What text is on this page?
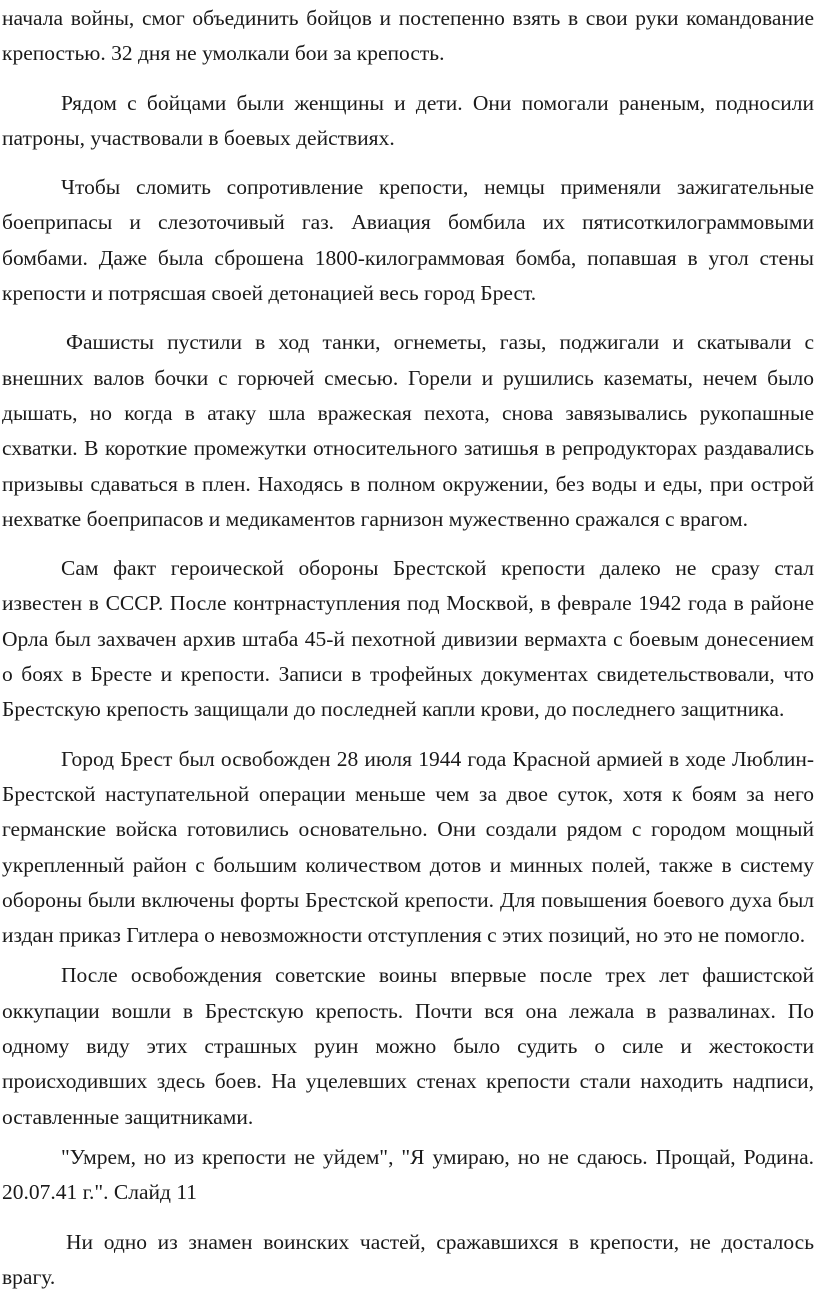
начала войны, смог объединить бойцов и постепенно взять в свои руки командование крепостью. 32 дня не умолкали бои за крепость.

Рядом с бойцами были женщины и дети. Они помогали раненым, подносили патроны, участвовали в боевых действиях.

Чтобы сломить сопротивление крепости, немцы применяли зажигательные боеприпасы и слезоточивый газ. Авиация бомбила их пятисоткилограммовыми бомбами. Даже была сброшена 1800-килограммовая бомба, попавшая в угол стены крепости и потрясшая своей детонацией весь город Брест.

Фашисты пустили в ход танки, огнеметы, газы, поджигали и скатывали с внешних валов бочки с горючей смесью. Горели и рушились казематы, нечем было дышать, но когда в атаку шла вражеская пехота, снова завязывались рукопашные схватки. В короткие промежутки относительного затишья в репродукторах раздавались призывы сдаваться в плен. Находясь в полном окружении, без воды и еды, при острой нехватке боеприпасов и медикаментов гарнизон мужественно сражался с врагом.

Сам факт героической обороны Брестской крепости далеко не сразу стал известен в СССР. После контрнаступления под Москвой, в феврале 1942 года в районе Орла был захвачен архив штаба 45-й пехотной дивизии вермахта с боевым донесением о боях в Бресте и крепости. Записи в трофейных документах свидетельствовали, что Брестскую крепость защищали до последней капли крови, до последнего защитника.

Город Брест был освобожден 28 июля 1944 года Красной армией в ходе Люблин-Брестской наступательной операции меньше чем за двое суток, хотя к боям за него германские войска готовились основательно. Они создали рядом с городом мощный укрепленный район с большим количеством дотов и минных полей, также в систему обороны были включены форты Брестской крепости. Для повышения боевого духа был издан приказ Гитлера о невозможности отступления с этих позиций, но это не помогло.

После освобождения советские воины впервые после трех лет фашистской оккупации вошли в Брестскую крепость. Почти вся она лежала в развалинах. По одному виду этих страшных руин можно было судить о силе и жестокости происходивших здесь боев. На уцелевших стенах крепости стали находить надписи, оставленные защитниками.

"Умрем, но из крепости не уйдем", "Я умираю, но не сдаюсь. Прощай, Родина. 20.07.41 г.". Слайд 11

Ни одно из знамен воинских частей, сражавшихся в крепости, не досталось врагу.
